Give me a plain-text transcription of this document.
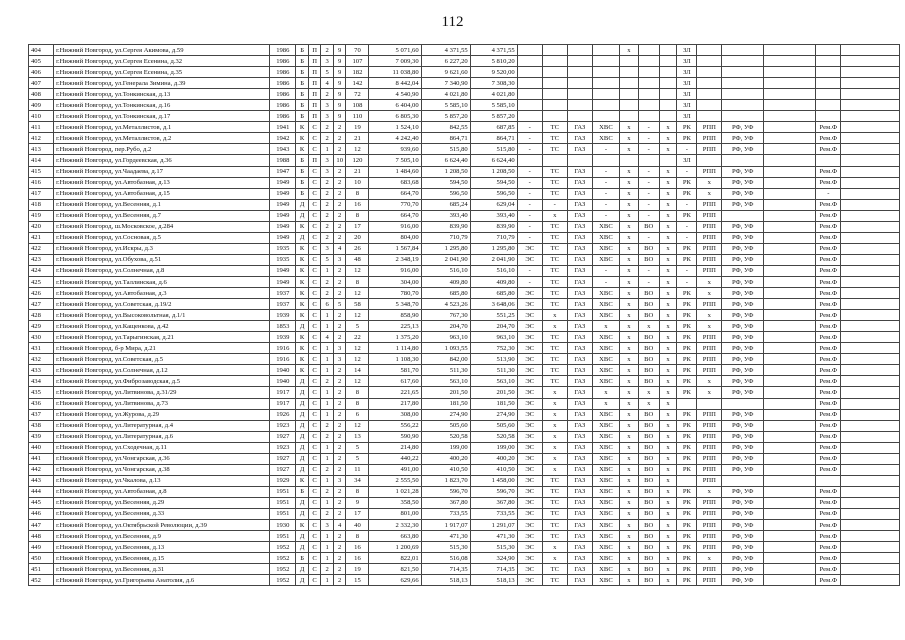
112
404	г.Нижний Новгород, ул.Сергея Акимова, д.59	1986	Б	П	2	9	70	5 071,60	4 371,55	4 371,55					х			ЗЛ					
405	г.Нижний Новгород, ул.Сергея Есенина, д.32	1986	Б	П	3	9	107	7 009,30	6 227,20	5 810,20								ЗЛ					
406	г.Нижний Новгород, ул.Сергея Есенина, д.35	1986	Б	П	5	9	182	11 038,80	9 621,60	9 520,00								ЗЛ					
407	г.Нижний Новгород, ул.Генерала Зимина, д.39	1986	Б	П	4	9	142	8 442,04	7 340,90	7 308,30								ЗЛ					
408	г.Нижний Новгород, ул.Тонкинская, д.13	1986	Б	П	2	9	72	4 540,90	4 021,80	4 021,80								ЗЛ					
409	г.Нижний Новгород, ул.Тонкинская, д.16	1986	Б	П	3	9	108	6 404,00	5 585,10	5 585,10								ЗЛ					
410	г.Нижний Новгород, ул.Тонкинская, д.17	1986	Б	П	3	9	110	6 805,30	5 857,20	5 857,20								ЗЛ					
411	г.Нижний Новгород, ул.Металлистов, д.1	1941	К	С	2	2	19	1 524,10	842,55	687,85	-	ТС	ГАЗ	ХВС	х	-	х	РК	РПП	РФ, УФ		Рем.Ф	
412	г.Нижний Новгород, ул.Металлистов, д.2	1942	К	С	2	2	21	4 242,40	864,71	864,71	-	ТС	ГАЗ	ХВС	х	-	х	РК	РПП	РФ, УФ		Рем.Ф	
413	г.Нижний Новгород, пер.Рубо, д.2	1943	К	С	1	2	12	939,60	515,80	515,80	-	ТС	ГАЗ	-	х	-	х	-	РПП	РФ, УФ		Рем.Ф	
414	г.Нижний Новгород, ул.Гордеевская, д.36	1988	Б	П	3	10	120	7 505,10	6 624,40	6 624,40								ЗЛ					
415	г.Нижний Новгород, ул.Чаадаева, д.17	1947	Б	С	3	2	21	1 484,60	1 208,50	1 208,50	-	ТС	ГАЗ	-	х	-	х	-	РПП	РФ, УФ		Рем.Ф	
416	г.Нижний Новгород, ул.Автобазная, д.13	1949	Б	С	2	2	10	683,68	594,50	594,50	-	ТС	ГАЗ	-	х	-	х	РК	х	РФ, УФ		Рем.Ф	
417	г.Нижний Новгород, ул.Автобазная, д.15	1949	Б	С	2	2	8	664,70	596,50	596,50	-	ТС	ГАЗ	-	х	-	х	РК	х	РФ, УФ		-	
418	г.Нижний Новгород, ул.Весенняя, д.1	1949	Д	С	2	2	16	770,70	685,24	629,04	-	-	ГАЗ	-	х	-	х	-	РПП	РФ, УФ		Рем.Ф	
419	г.Нижний Новгород, ул.Весенняя, д.7	1949	Д	С	2	2	8	664,70	393,40	393,40	-	х	ГАЗ	-	х	-	х	РК	РПП			Рем.Ф	
420	г.Нижний Новгород, ш.Московское, д.284	1949	К	С	2	2	17	916,00	839,90	839,90	-	ТС	ГАЗ	ХВС	х	ВО	х	-	РПП	РФ, УФ		Рем.Ф	
421	г.Нижний Новгород, ул.Сосновая, д.5	1949	Д	С	2	2	20	804,00	710,79	710,79	-	ТС	ГАЗ	ХВС	х	-	х	-	РПП	РФ, УФ		Рем.Ф	
422	г.Нижний Новгород, ул.Искры, д.3	1935	К	С	3	4	26	1 567,84	1 295,80	1 295,80	ЭС	ТС	ГАЗ	ХВС	х	ВО	х	РК	РПП	РФ, УФ		Рем.Ф	
423	г.Нижний Новгород, ул.Обухова, д.51	1935	К	С	5	3	48	2 348,19	2 041,90	2 041,90	ЭС	ТС	ГАЗ	ХВС	х	ВО	х	РК	РПП	РФ, УФ		Рем.Ф	
424	г.Нижний Новгород, ул.Солнечная, д.8	1949	К	С	1	2	12	916,00	516,10	516,10	-	ТС	ГАЗ	-	х	-	х	-	РПП	РФ, УФ		Рем.Ф	
425	г.Нижний Новгород, ул.Таллинская, д.6	1949	К	С	2	2	8	304,00	409,80	409,80	-	ТС	ГАЗ	-	х	-	х	-	х	РФ, УФ		Рем.Ф	
426	г.Нижний Новгород, ул.Автобазная, д.3	1937	К	С	2	2	12	780,70	685,80	685,80	ЭС	ТС	ГАЗ	ХВС	х	ВО	х	РК	х	РФ, УФ		Рем.Ф	
427	г.Нижний Новгород, ул.Советская, д.19/2	1937	К	С	6	5	58	5 348,70	4 523,26	3 648,06	ЭС	ТС	ГАЗ	ХВС	х	ВО	х	РК	РПП	РФ, УФ		Рем.Ф	
428	г.Нижний Новгород, ул.Высоковольтная, д.1/1	1939	К	С	1	2	12	858,90	767,30	551,25	ЭС	х	ГАЗ	ХВС	х	ВО	х	РК	х	РФ, УФ		Рем.Ф	
429	г.Нижний Новгород, ул.Кащенкова, д.42	1853	Д	С	1	2	5	225,13	204,70	204,70	ЭС	х	ГАЗ	х	х	х	х	РК	х	РФ, УФ		Рем.Ф	
430	г.Нижний Новгород, ул.Тарыгинская, д.21	1939	К	С	4	2	22	1 375,20	963,10	963,10	ЭС	ТС	ГАЗ	ХВС	х	ВО	х	РК	РПП	РФ, УФ		Рем.Ф	
431	г.Нижний Новгород, б-р Мира, д.21	1916	К	С	1	3	12	1 114,80	1 093,55	752,30	ЭС	ТС	ГАЗ	ХВС	х	ВО	х	РК	РПП	РФ, УФ		Рем.Ф	
432	г.Нижний Новгород, ул.Советская, д.5	1916	К	С	1	3	12	1 108,30	842,00	513,90	ЭС	ТС	ГАЗ	ХВС	х	ВО	х	РК	РПП	РФ, УФ		Рем.Ф	
433	г.Нижний Новгород, ул.Солнечная, д.12	1940	К	С	1	2	14	581,70	511,30	511,30	ЭС	ТС	ГАЗ	ХВС	х	ВО	х	РК	РПП	РФ, УФ		Рем.Ф	
434	г.Нижний Новгород, ул.Фиброзаводская, д.5	1940	Д	С	2	2	12	617,60	563,10	563,10	ЭС	ТС	ГАЗ	ХВС	х	ВО	х	РК	х	РФ, УФ		Рем.Ф	
435	г.Нижний Новгород, ул.Литвинова, д.31/29	1917	Д	С	1	2	8	221,65	201,50	201,50	ЭС	х	ГАЗ	х	х	х	х	РК	х	РФ, УФ		Рем.Ф	
436	г.Нижний Новгород, ул.Литвинова, д.73	1917	Д	С	1	2	8	217,80	181,50	181,50	ЭС	х	ГАЗ	х	х	х	х					Рем.Ф	
437	г.Нижний Новгород, ул.Журова, д.29	1926	Д	С	1	2	6	308,00	274,90	274,90	ЭС	х	ГАЗ	ХВС	х	ВО	х	РК	РПП	РФ, УФ		Рем.Ф	
438	г.Нижний Новгород, ул.Литературная, д.4	1923	Д	С	2	2	12	556,22	505,60	505,60	ЭС	х	ГАЗ	ХВС	х	ВО	х	РК	РПП	РФ, УФ		Рем.Ф	
439	г.Нижний Новгород, ул.Литературная, д.6	1927	Д	С	2	2	13	590,90	520,58	520,58	ЭС	х	ГАЗ	ХВС	х	ВО	х	РК	РПП	РФ, УФ		Рем.Ф	
440	г.Нижний Новгород, ул.Сходечная, д.11	1923	Д	С	1	2	5	214,80	199,00	199,00	ЭС	х	ГАЗ	ХВС	х	ВО	х	РК	РПП	РФ, УФ		Рем.Ф	
441	г.Нижний Новгород, ул.Чонгарская, д.36	1927	Д	С	1	2	5	440,22	400,20	400,20	ЭС	х	ГАЗ	ХВС	х	ВО	х	РК	РПП	РФ, УФ		Рем.Ф	
442	г.Нижний Новгород, ул.Чонгарская, д.38	1927	Д	С	2	2	11	491,00	410,50	410,50	ЭС	х	ГАЗ	ХВС	х	ВО	х	РК	РПП	РФ, УФ		Рем.Ф	
443	г.Нижний Новгород, ул.Чкалова, д.13	1929	К	С	1	3	34	2 555,50	1 823,70	1 458,00	ЭС	ТС	ГАЗ	ХВС	х	ВО	х		РПП				
444	г.Нижний Новгород, ул.Автобазная, д.8	1951	Б	С	2	2	8	1 021,28	596,70	596,70	ЭС	ТС	ГАЗ	ХВС	х	ВО	х	РК	х	РФ, УФ		Рем.Ф	
445	г.Нижний Новгород, ул.Весенняя, д.29	1951	Д	С	1	2	9	358,50	367,80	367,80	ЭС	ТС	ГАЗ	ХВС	х	ВО	х	РК	РПП	РФ, УФ		Рем.Ф	
446	г.Нижний Новгород, ул.Весенняя, д.33	1951	Д	С	2	2	17	801,00	733,55	733,55	ЭС	ТС	ГАЗ	ХВС	х	ВО	х	РК	РПП	РФ, УФ		Рем.Ф	
447	г.Нижний Новгород, ул.Октябрьской Революции, д.39	1930	К	С	3	4	40	2 332,30	1 917,07	1 291,07	ЭС	ТС	ГАЗ	ХВС	х	ВО	х	РК	РПП	РФ, УФ		Рем.Ф	
448	г.Нижний Новгород, ул.Весенняя, д.9	1951	Д	С	1	2	8	663,80	471,30	471,30	ЭС	ТС	ГАЗ	ХВС	х	ВО	х	РК	РПП	РФ, УФ		Рем.Ф	
449	г.Нижний Новгород, ул.Весенняя, д.13	1952	Д	С	1	2	16	1 200,69	515,30	515,30	ЭС	х	ГАЗ	ХВС	х	ВО	х	РК	РПП	РФ, УФ		Рем.Ф	
450	г.Нижний Новгород, ул.Весенняя, д.15	1952	Б	С	1	2	16	822,01	516,08	324,90	ЭС	х	ГАЗ	ХВС	х	ВО	х	РК	х	РФ, УФ		Рем.Ф	
451	г.Нижний Новгород, ул.Весенняя, д.31	1952	Д	С	2	2	19	821,50	714,35	714,35	ЭС	ТС	ГАЗ	ХВС	х	ВО	х	РК	РПП	РФ, УФ		Рем.Ф	
452	г.Нижний Новгород, ул.Григорьева Анатолия, д.6	1952	Д	С	1	2	15	629,66	518,13	518,13	ЭС	ТС	ГАЗ	ХВС	х	ВО	х	РК	РПП	РФ, УФ		Рем.Ф	
